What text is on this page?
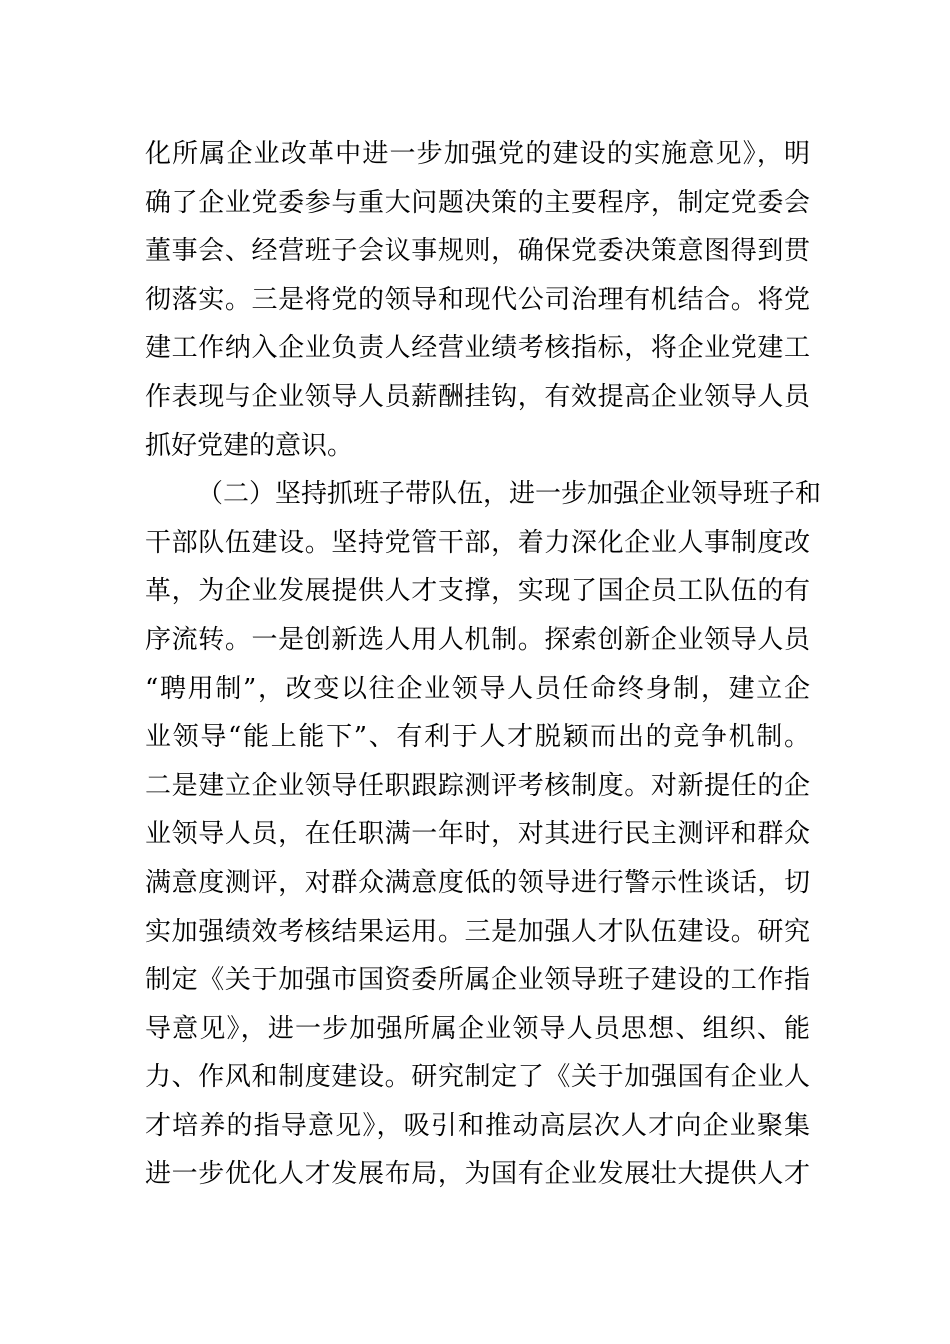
化所属企业改革中进一步加强党的建设的实施意见》，明
确了企业党委参与重大问题决策的主要程序，制定党委会
董事会、经营班子会议事规则，确保党委决策意图得到贯
彻落实。三是将党的领导和现代公司治理有机结合。将党
建工作纳入企业负责人经营业绩考核指标，将企业党建工
作表现与企业领导人员薪酬挂钩，有效提高企业领导人员
抓好党建的意识。
（二）坚持抓班子带队伍，进一步加强企业领导班子和
干部队伍建设。坚持党管干部，着力深化企业人事制度改
革，为企业发展提供人才支撑，实现了国企员工队伍的有
序流转。一是创新选人用人机制。探索创新企业领导人员
“聘用制”，改变以往企业领导人员任命终身制，建立企
业领导“能上能下”、有利于人才脱颖而出的竞争机制。
二是建立企业领导任职跟踪测评考核制度。对新提任的企
业领导人员，在任职满一年时，对其进行民主测评和群众
满意度测评，对群众满意度低的领导进行警示性谈话，切
实加强绩效考核结果运用。三是加强人才队伍建设。研究
制定《关于加强市国资委所属企业领导班子建设的工作指
导意见》，进一步加强所属企业领导人员思想、组织、能
力、作风和制度建设。研究制定了《关于加强国有企业人
才培养的指导意见》，吸引和推动高层次人才向企业聚集
进一步优化人才发展布局，为国有企业发展壮大提供人才
